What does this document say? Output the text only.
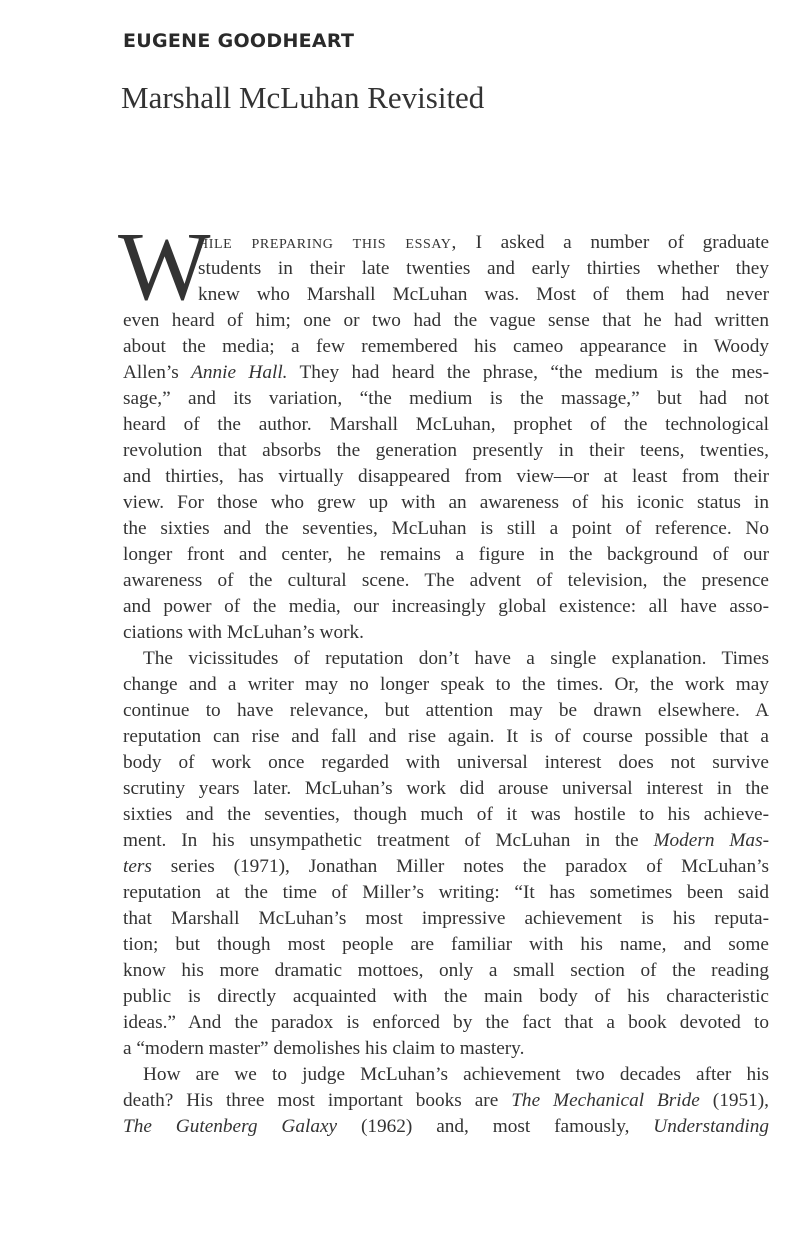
EUGENE GOODHEART
Marshall McLuhan Revisited
W
hile preparing this essay, I asked a number of graduate
students in their late twenties and early thirties whether they
knew who Marshall McLuhan was. Most of them had never
even heard of him; one or two had the vague sense that he had written
about the media; a few remembered his cameo appearance in Woody
Allen’s Annie Hall. They had heard the phrase, “the medium is the mes-
sage,” and its variation, “the medium is the massage,” but had not
heard of the author. Marshall McLuhan, prophet of the technological
revolution that absorbs the generation presently in their teens, twenties,
and thirties, has virtually disappeared from view—or at least from their
view. For those who grew up with an awareness of his iconic status in
the sixties and the seventies, McLuhan is still a point of reference. No
longer front and center, he remains a figure in the background of our
awareness of the cultural scene. The advent of television, the presence
and power of the media, our increasingly global existence: all have asso-
ciations with McLuhan’s work.
The vicissitudes of reputation don’t have a single explanation. Times
change and a writer may no longer speak to the times. Or, the work may
continue to have relevance, but attention may be drawn elsewhere. A
reputation can rise and fall and rise again. It is of course possible that a
body of work once regarded with universal interest does not survive
scrutiny years later. McLuhan’s work did arouse universal interest in the
sixties and the seventies, though much of it was hostile to his achieve-
ment. In his unsympathetic treatment of McLuhan in the Modern Mas-
ters series (1971), Jonathan Miller notes the paradox of McLuhan’s
reputation at the time of Miller’s writing: “It has sometimes been said
that Marshall McLuhan’s most impressive achievement is his reputa-
tion; but though most people are familiar with his name, and some
know his more dramatic mottoes, only a small section of the reading
public is directly acquainted with the main body of his characteristic
ideas.” And the paradox is enforced by the fact that a book devoted to
a “modern master” demolishes his claim to mastery.
How are we to judge McLuhan’s achievement two decades after his
death? His three most important books are The Mechanical Bride (1951),
The Gutenberg Galaxy (1962) and, most famously, Understanding
